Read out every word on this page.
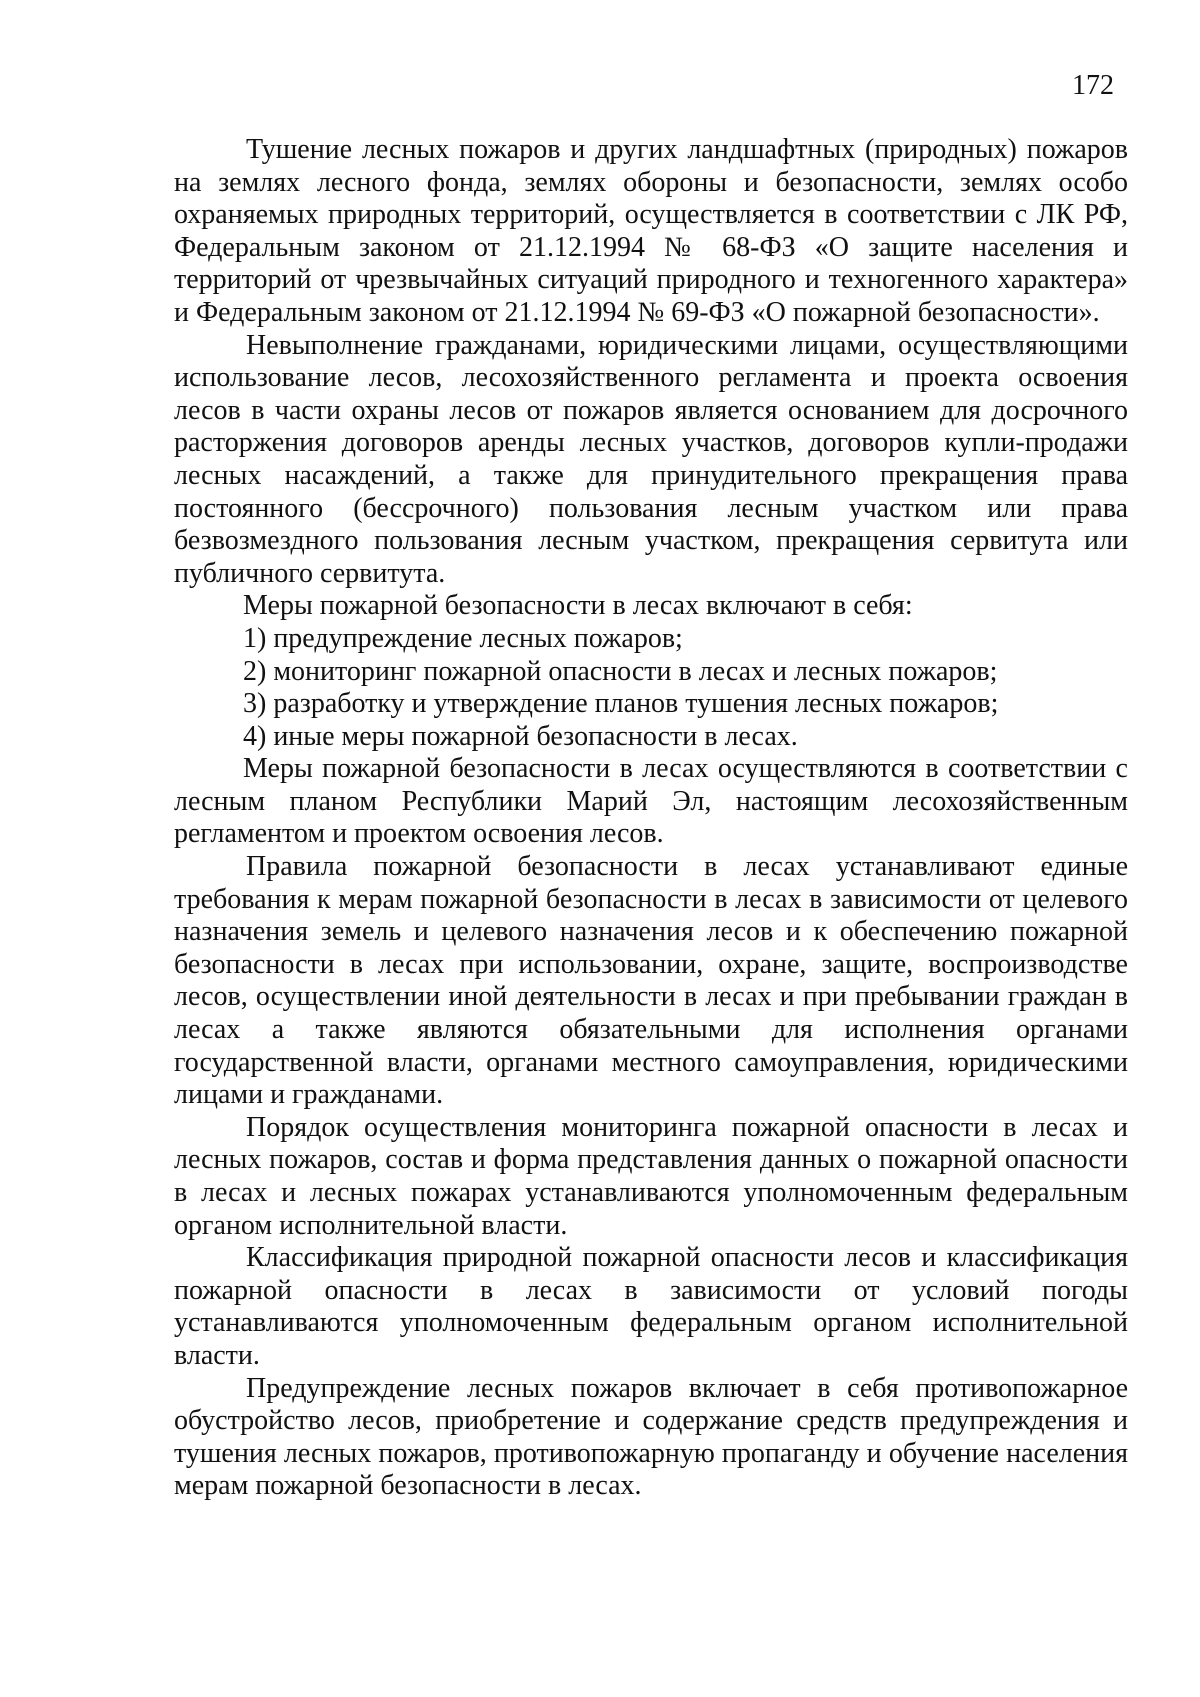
172

Тушение лесных пожаров и других ландшафтных (природных) пожаров на землях лесного фонда, землях обороны и безопасности, землях особо охраняемых природных территорий, осуществляется в соответствии с ЛК РФ, Федеральным законом от 21.12.1994 № 68-ФЗ «О защите населения и территорий от чрезвычайных ситуаций природного и техногенного характера» и Федеральным законом от 21.12.1994 № 69-ФЗ «О пожарной безопасности».

Невыполнение гражданами, юридическими лицами, осуществляющими использование лесов, лесохозяйственного регламента и проекта освоения лесов в части охраны лесов от пожаров является основанием для досрочного расторжения договоров аренды лесных участков, договоров купли-продажи лесных насаждений, а также для принудительного прекращения права постоянного (бессрочного) пользования лесным участком или права безвозмездного пользования лесным участком, прекращения сервитута или публичного сервитута.

Меры пожарной безопасности в лесах включают в себя:

1) предупреждение лесных пожаров;

2) мониторинг пожарной опасности в лесах и лесных пожаров;

3) разработку и утверждение планов тушения лесных пожаров;

4) иные меры пожарной безопасности в лесах.

Меры пожарной безопасности в лесах осуществляются в соответствии с лесным планом Республики Марий Эл, настоящим лесохозяйственным регламентом и проектом освоения лесов.

Правила пожарной безопасности в лесах устанавливают единые требования к мерам пожарной безопасности в лесах в зависимости от целевого назначения земель и целевого назначения лесов и к обеспечению пожарной безопасности в лесах при использовании, охране, защите, воспроизводстве лесов, осуществлении иной деятельности в лесах и при пребывании граждан в лесах а также являются обязательными для исполнения органами государственной власти, органами местного самоуправления, юридическими лицами и гражданами.

Порядок осуществления мониторинга пожарной опасности в лесах и лесных пожаров, состав и форма представления данных о пожарной опасности в лесах и лесных пожарах устанавливаются уполномоченным федеральным органом исполнительной власти.

Классификация природной пожарной опасности лесов и классификация пожарной опасности в лесах в зависимости от условий погоды устанавливаются уполномоченным федеральным органом исполнительной власти.

Предупреждение лесных пожаров включает в себя противопожарное обустройство лесов, приобретение и содержание средств предупреждения и тушения лесных пожаров, противопожарную пропаганду и обучение населения мерам пожарной безопасности в лесах.
